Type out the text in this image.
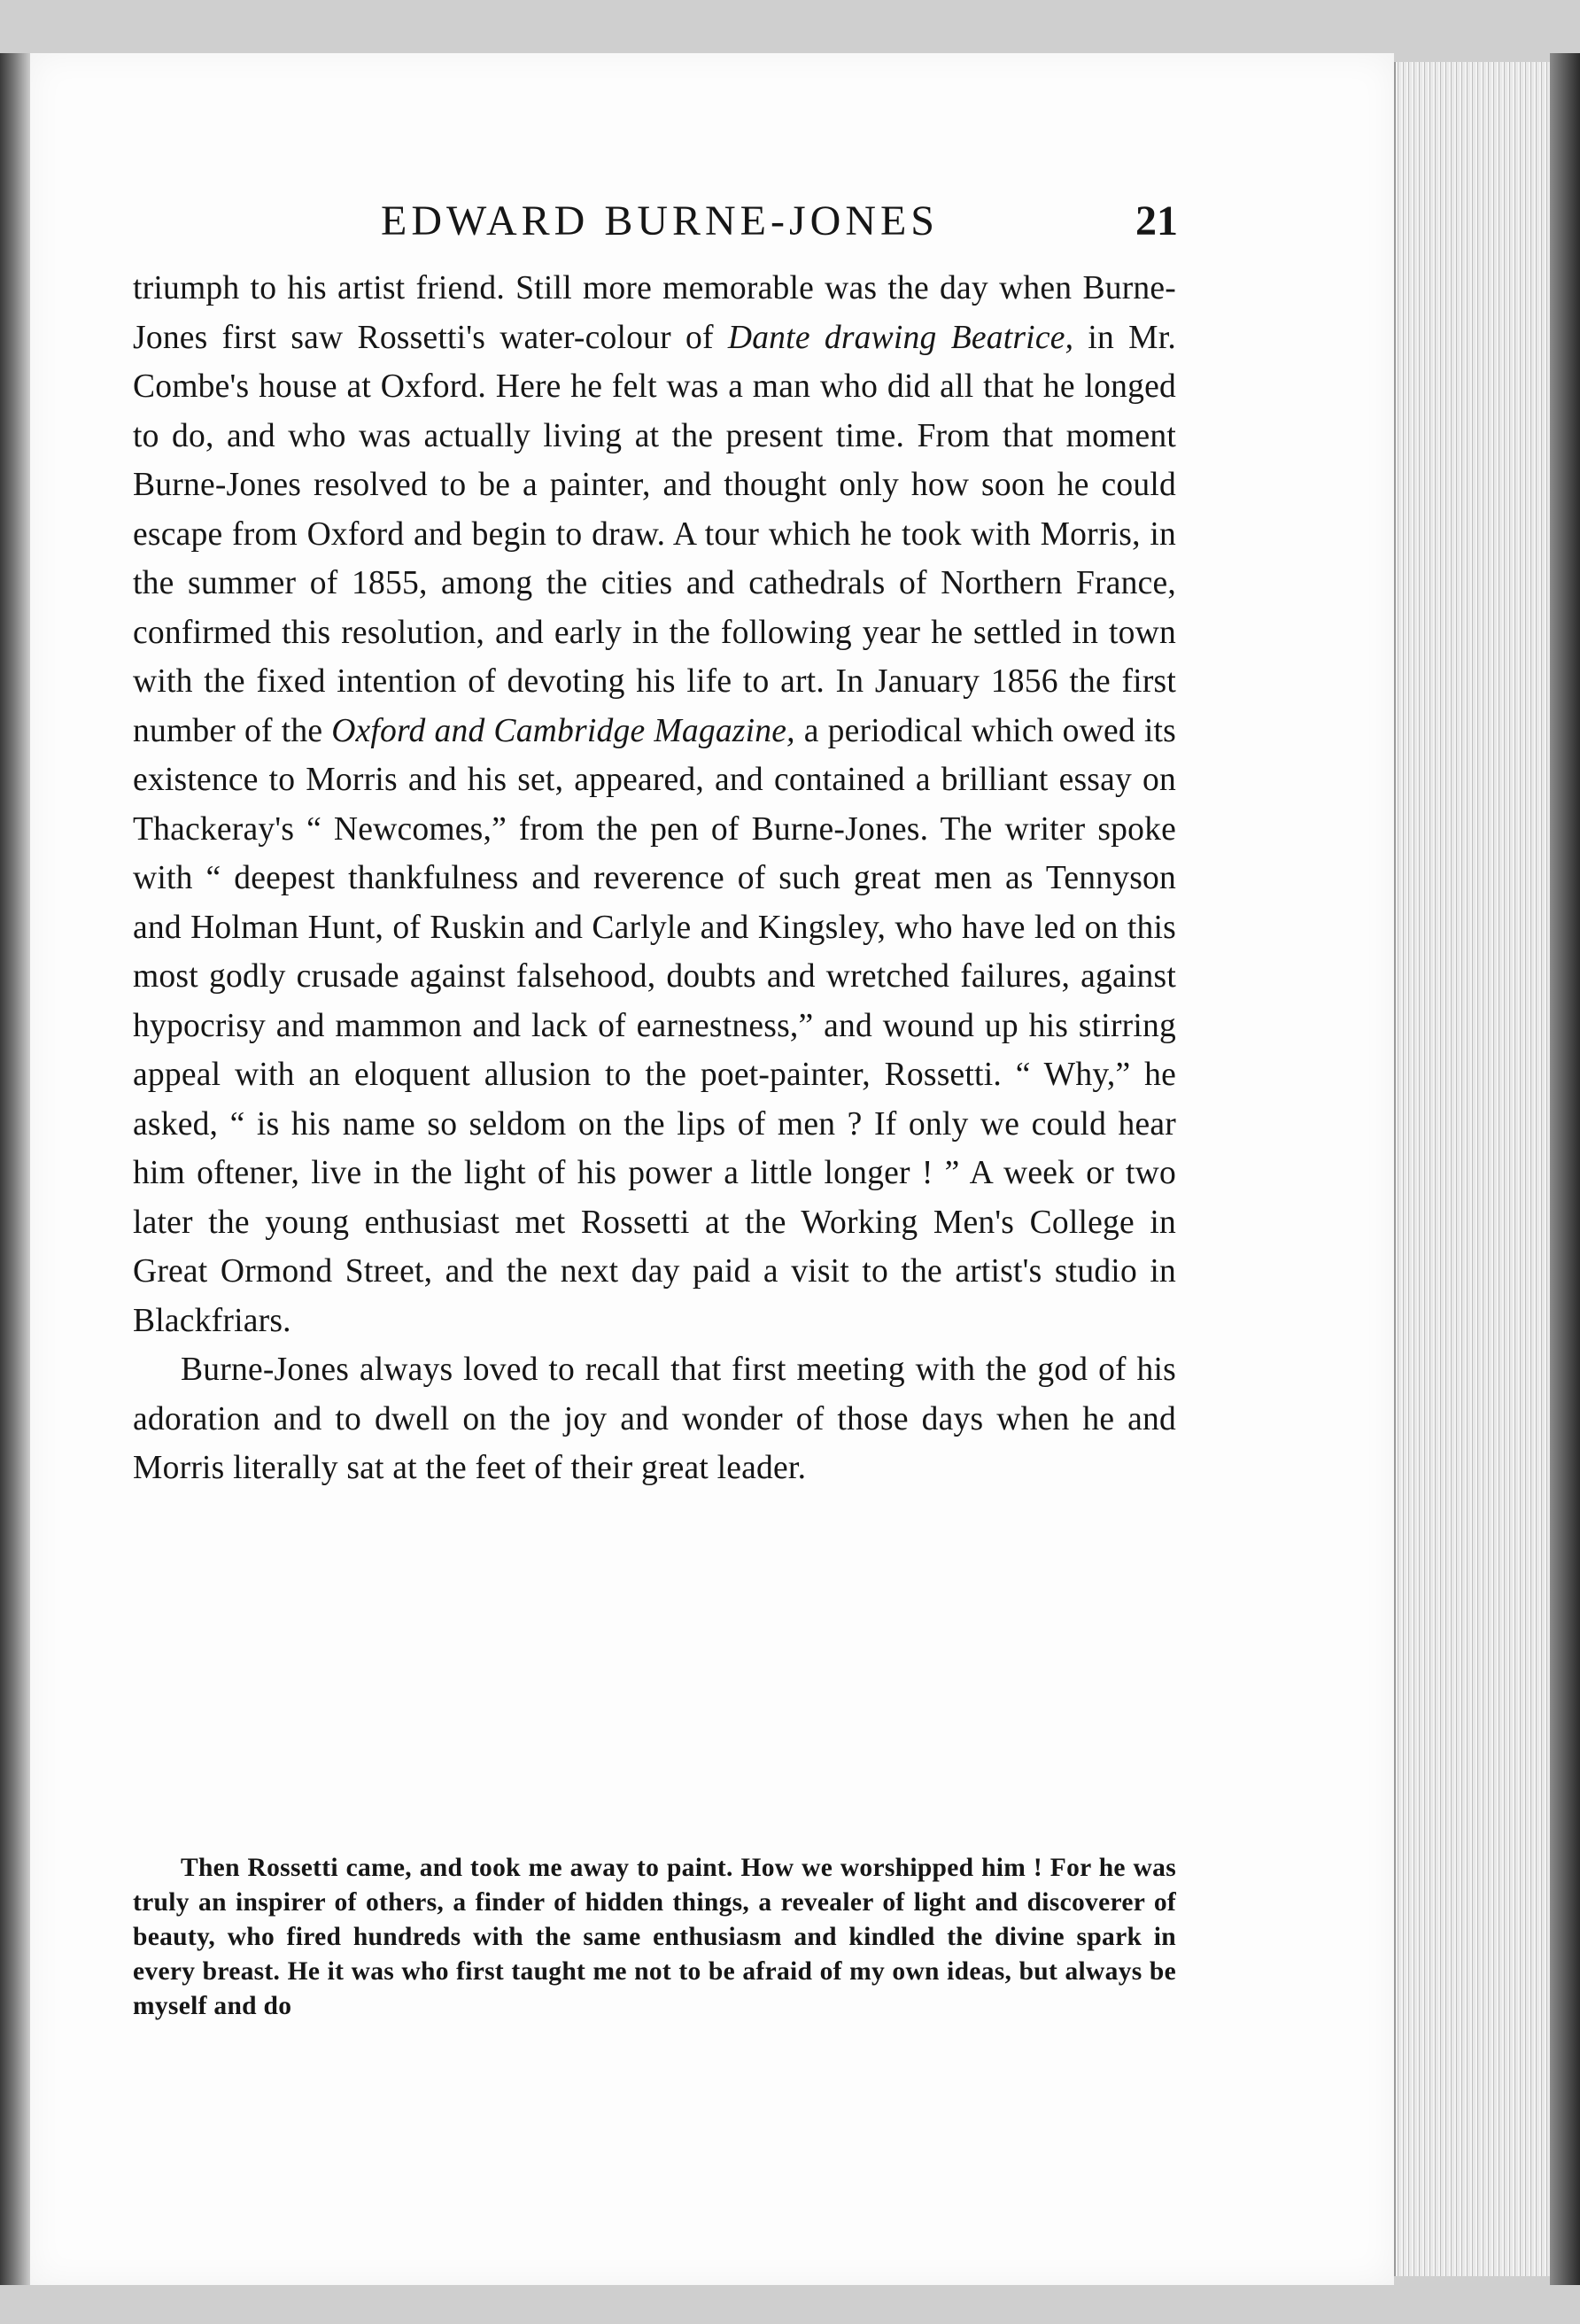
EDWARD BURNE-JONES	21

triumph to his artist friend. Still more memorable was the day when Burne-Jones first saw Rossetti's water-colour of Dante drawing Beatrice, in Mr. Combe's house at Oxford. Here he felt was a man who did all that he longed to do, and who was actually living at the present time. From that moment Burne-Jones resolved to be a painter, and thought only how soon he could escape from Oxford and begin to draw. A tour which he took with Morris, in the summer of 1855, among the cities and cathedrals of Northern France, confirmed this resolution, and early in the following year he settled in town with the fixed intention of devoting his life to art. In January 1856 the first number of the Oxford and Cambridge Magazine, a periodical which owed its existence to Morris and his set, appeared, and contained a brilliant essay on Thackeray's “ Newcomes,” from the pen of Burne-Jones. The writer spoke with “ deepest thankfulness and reverence of such great men as Tennyson and Holman Hunt, of Ruskin and Carlyle and Kingsley, who have led on this most godly crusade against falsehood, doubts and wretched failures, against hypocrisy and mammon and lack of earnestness,” and wound up his stirring appeal with an eloquent allusion to the poet-painter, Rossetti. “ Why,” he asked, “ is his name so seldom on the lips of men ? If only we could hear him oftener, live in the light of his power a little longer ! ” A week or two later the young enthusiast met Rossetti at the Working Men's College in Great Ormond Street, and the next day paid a visit to the artist's studio in Blackfriars.

Burne-Jones always loved to recall that first meeting with the god of his adoration and to dwell on the joy and wonder of those days when he and Morris literally sat at the feet of their great leader.

Then Rossetti came, and took me away to paint. How we worshipped him ! For he was truly an inspirer of others, a finder of hidden things, a revealer of light and discoverer of beauty, who fired hundreds with the same enthusiasm and kindled the divine spark in every breast. He it was who first taught me not to be afraid of my own ideas, but always be myself and do
